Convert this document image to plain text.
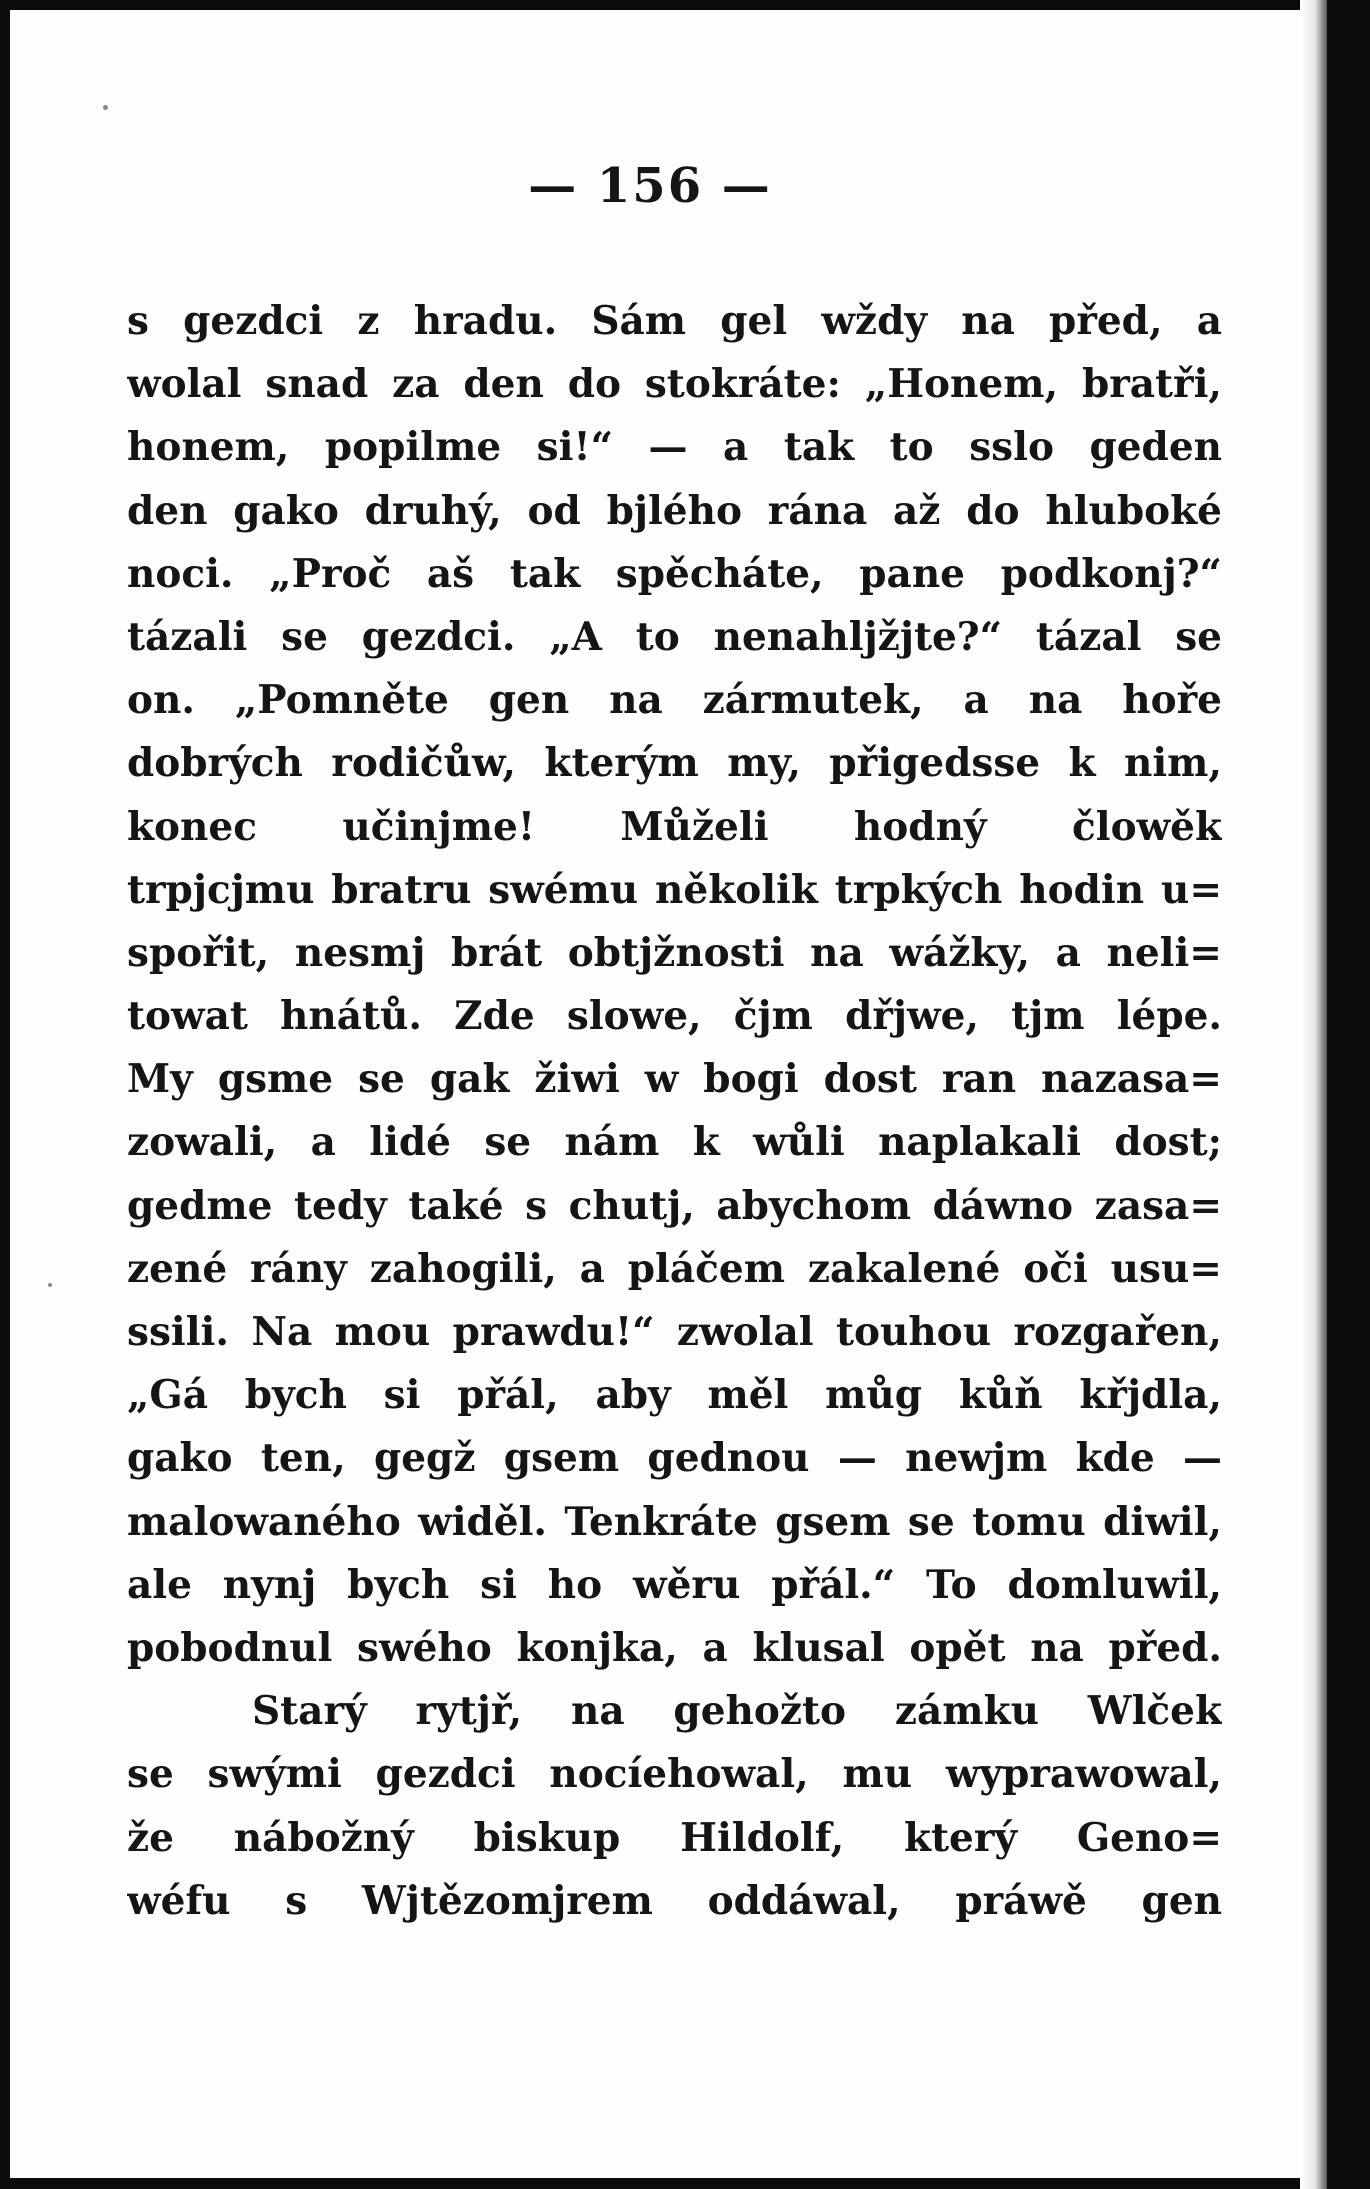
— 156 —
s gezdci z hradu. Sám gel wždy na před, a
wolal snad za den do stokráte: „Honem, bratři,
honem, popilme si!“ — a tak to sslo geden
den gako druhý, od bjlého rána až do hluboké
noci. „Proč aš tak spěcháte, pane podkonj?“
tázali se gezdci. „A to nenahljžjte?“ tázal se
on. „Pomněte gen na zármutek, a na hoře
dobrých rodičůw, kterým my, přigedsse k nim,
konec učinjme! Můželi hodný člowěk
trpjcjmu bratru swému několik trpkých hodin u=
spořit, nesmj brát obtjžnosti na wážky, a neli=
towat hnátů. Zde slowe, čjm dřjwe, tjm lépe.
My gsme se gak žiwi w bogi dost ran nazasa=
zowali, a lidé se nám k wůli naplakali dost;
gedme tedy také s chutj, abychom dáwno zasa=
zené rány zahogili, a pláčem zakalené oči usu=
ssili. Na mou prawdu!“ zwolal touhou rozgařen,
„Gá bych si přál, aby měl můg kůň křjdla,
gako ten, gegž gsem gednou — newjm kde —
malowaného widěl. Tenkráte gsem se tomu diwil,
ale nynj bych si ho wěru přál.“ To domluwil,
pobodnul swého konjka, a klusal opět na před.
Starý rytjř, na gehožto zámku Wlček
se swými gezdci nocíehowal, mu wyprawowal,
že nábožný biskup Hildolf, který Geno=
wéfu s Wjtězomjrem oddáwal, práwě gen
